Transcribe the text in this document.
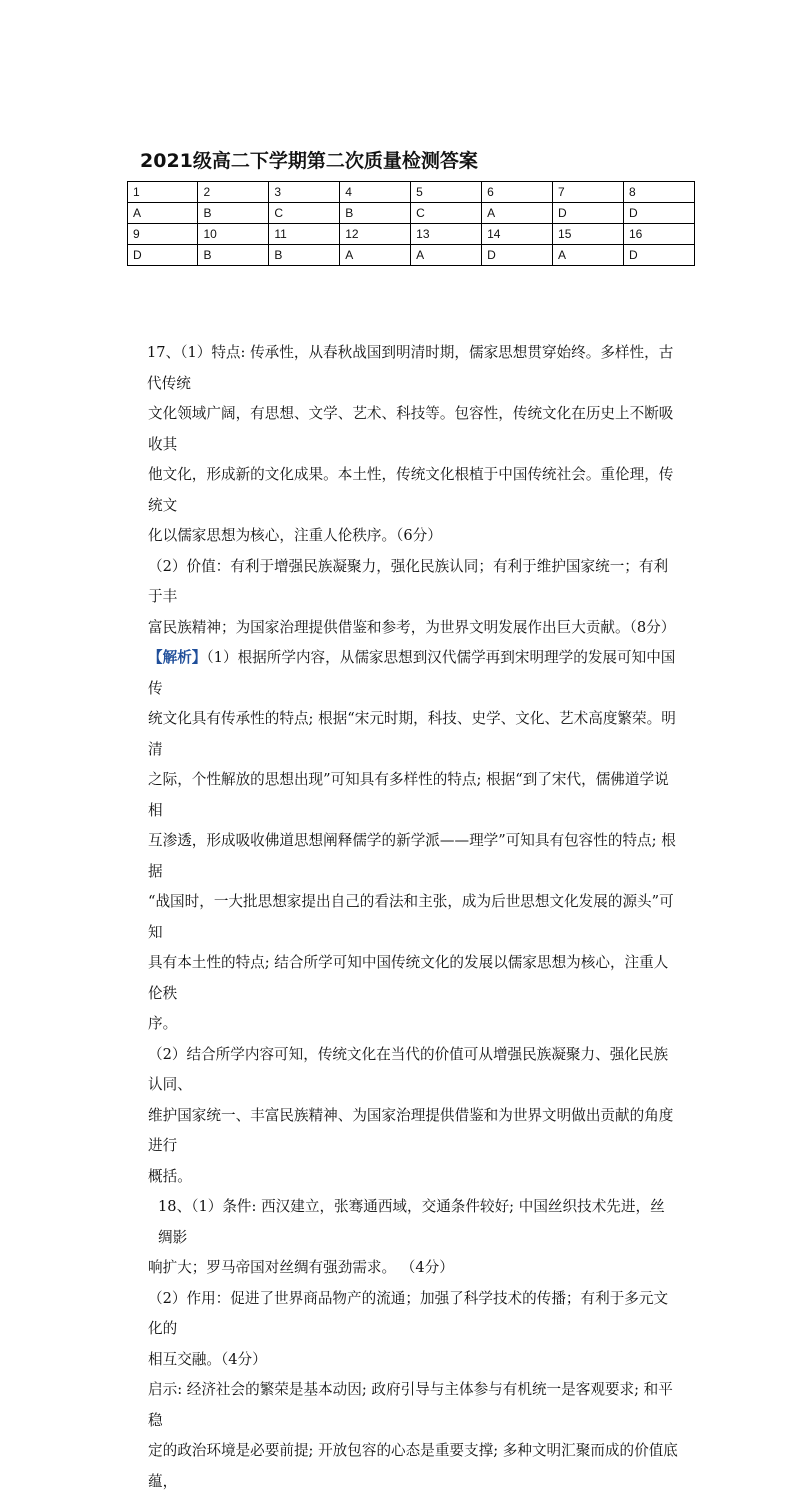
2021级高二下学期第二次质量检测答案
1	2	3	4	5	6	7	8
A	B	C	B	C	A	D	D
9	10	11	12	13	14	15	16
D	B	B	A	A	D	A	D

17、（1）特点: 传承性，从春秋战国到明清时期，儒家思想贯穿始终。多样性，古代传统

文化领域广阔，有思想、文学、艺术、科技等。包容性，传统文化在历史上不断吸收其

他文化，形成新的文化成果。本土性，传统文化根植于中国传统社会。重伦理，传统文

化以儒家思想为核心，注重人伦秩序。（6分）

（2）价值：有利于增强民族凝聚力，强化民族认同；有利于维护国家统一；有利于丰

富民族精神；为国家治理提供借鉴和参考，为世界文明发展作出巨大贡献。（8分）

【解析】（1）根据所学内容，从儒家思想到汉代儒学再到宋明理学的发展可知中国传

统文化具有传承性的特点; 根据“宋元时期，科技、史学、文化、艺术高度繁荣。明清

之际，个性解放的思想出现”可知具有多样性的特点; 根据“到了宋代，儒佛道学说相

互渗透，形成吸收佛道思想阐释儒学的新学派——理学”可知具有包容性的特点; 根据

“战国时，一大批思想家提出自己的看法和主张，成为后世思想文化发展的源头”可知

具有本土性的特点; 结合所学可知中国传统文化的发展以儒家思想为核心，注重人伦秩

序。

（2）结合所学内容可知，传统文化在当代的价值可从增强民族凝聚力、强化民族认同、

维护国家统一、丰富民族精神、为国家治理提供借鉴和为世界文明做出贡献的角度进行

概括。

18、（1）条件: 西汉建立，张骞通西域，交通条件较好; 中国丝织技术先进，丝绸影

响扩大；罗马帝国对丝绸有强劲需求。 （4分）

（2）作用：促进了世界商品物产的流通；加强了科学技术的传播；有利于多元文化的

相互交融。（4分）

启示: 经济社会的繁荣是基本动因; 政府引导与主体参与有机统一是客观要求; 和平稳

定的政治环境是必要前提; 开放包容的心态是重要支撑; 多种文明汇聚而成的价值底蕴，
